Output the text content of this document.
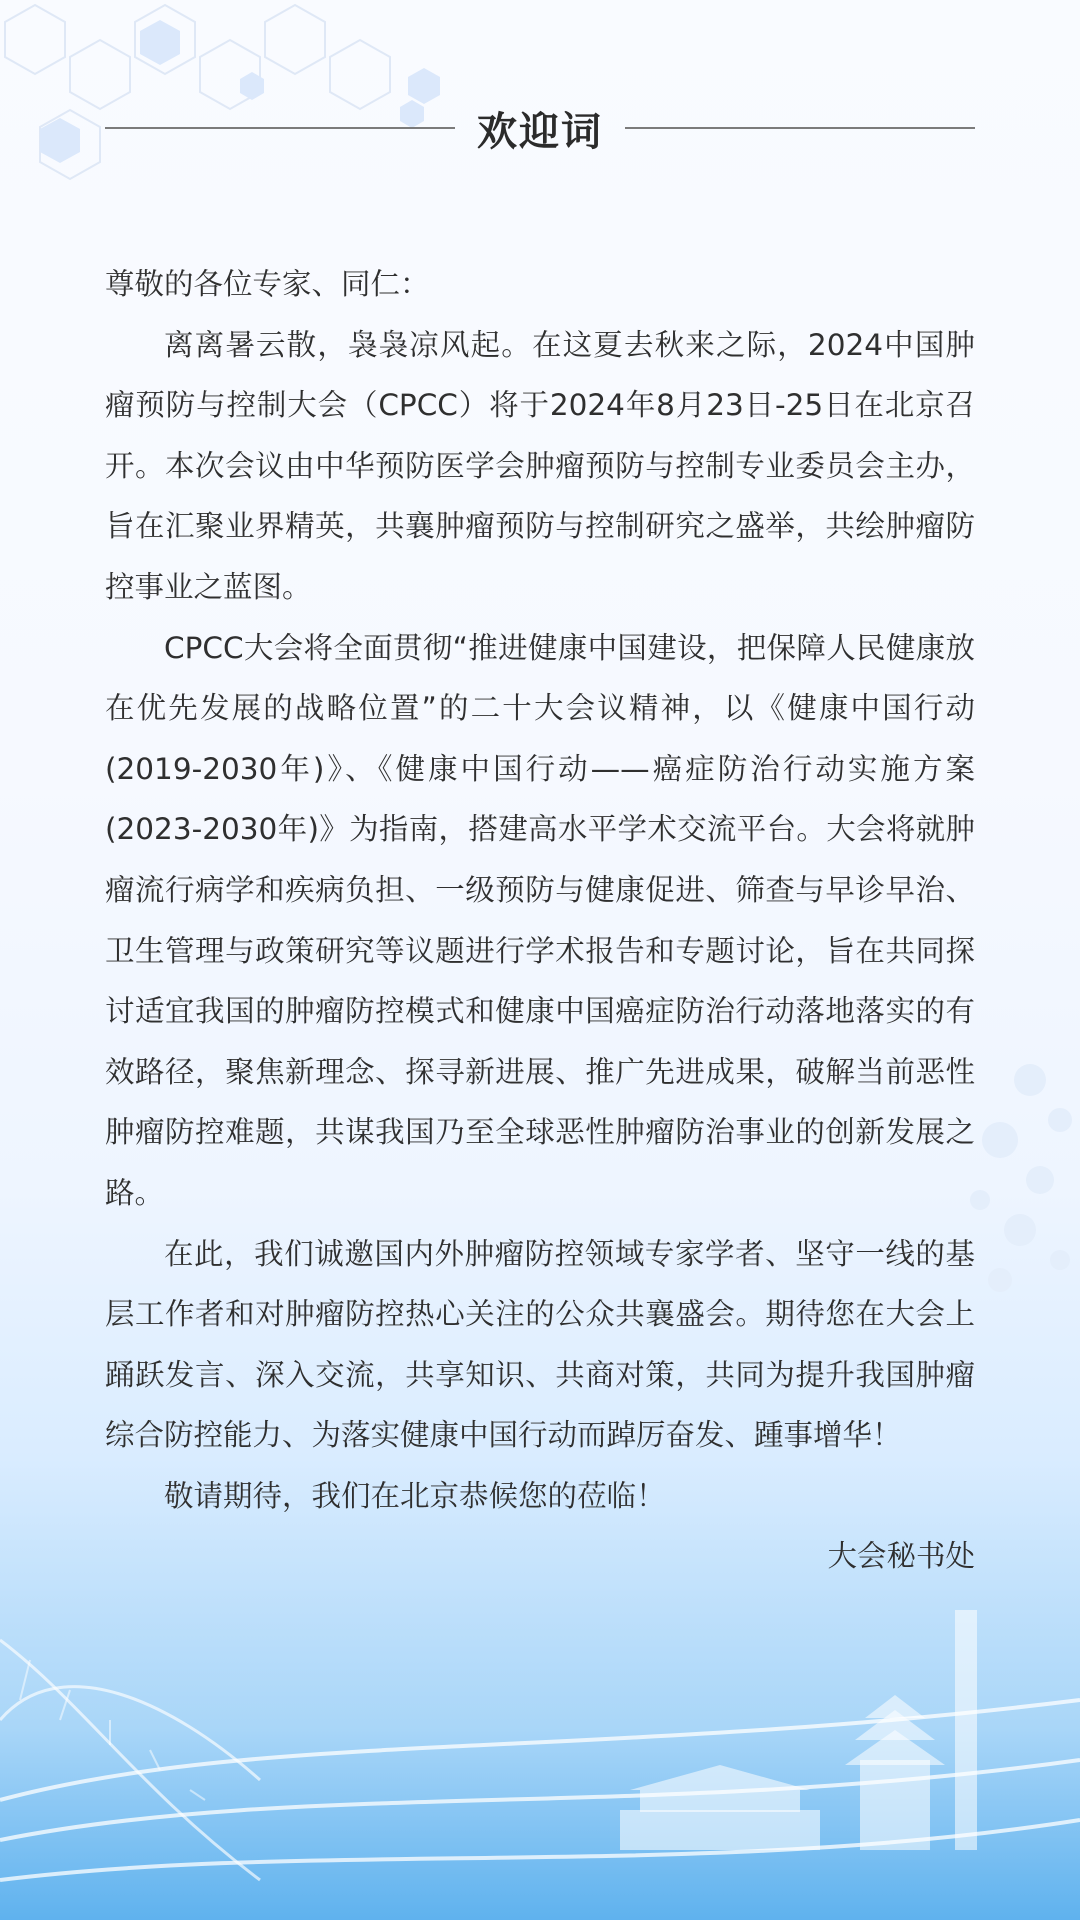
欢迎词

尊敬的各位专家、同仁：

离离暑云散，袅袅凉风起。在这夏去秋来之际，2024中国肿瘤预防与控制大会（CPCC）将于2024年8月23日-25日在北京召开。本次会议由中华预防医学会肿瘤预防与控制专业委员会主办，旨在汇聚业界精英，共襄肿瘤预防与控制研究之盛举，共绘肿瘤防控事业之蓝图。

CPCC大会将全面贯彻“推进健康中国建设，把保障人民健康放在优先发展的战略位置”的二十大会议精神，以《健康中国行动(2019-2030年)》、《健康中国行动——癌症防治行动实施方案(2023-2030年)》为指南，搭建高水平学术交流平台。大会将就肿瘤流行病学和疾病负担、一级预防与健康促进、筛查与早诊早治、卫生管理与政策研究等议题进行学术报告和专题讨论，旨在共同探讨适宜我国的肿瘤防控模式和健康中国癌症防治行动落地落实的有效路径，聚焦新理念、探寻新进展、推广先进成果，破解当前恶性肿瘤防控难题，共谋我国乃至全球恶性肿瘤防治事业的创新发展之路。

在此，我们诚邀国内外肿瘤防控领域专家学者、坚守一线的基层工作者和对肿瘤防控热心关注的公众共襄盛会。期待您在大会上踊跃发言、深入交流，共享知识、共商对策，共同为提升我国肿瘤综合防控能力、为落实健康中国行动而踔厉奋发、踵事增华！

敬请期待，我们在北京恭候您的莅临！

大会秘书处
